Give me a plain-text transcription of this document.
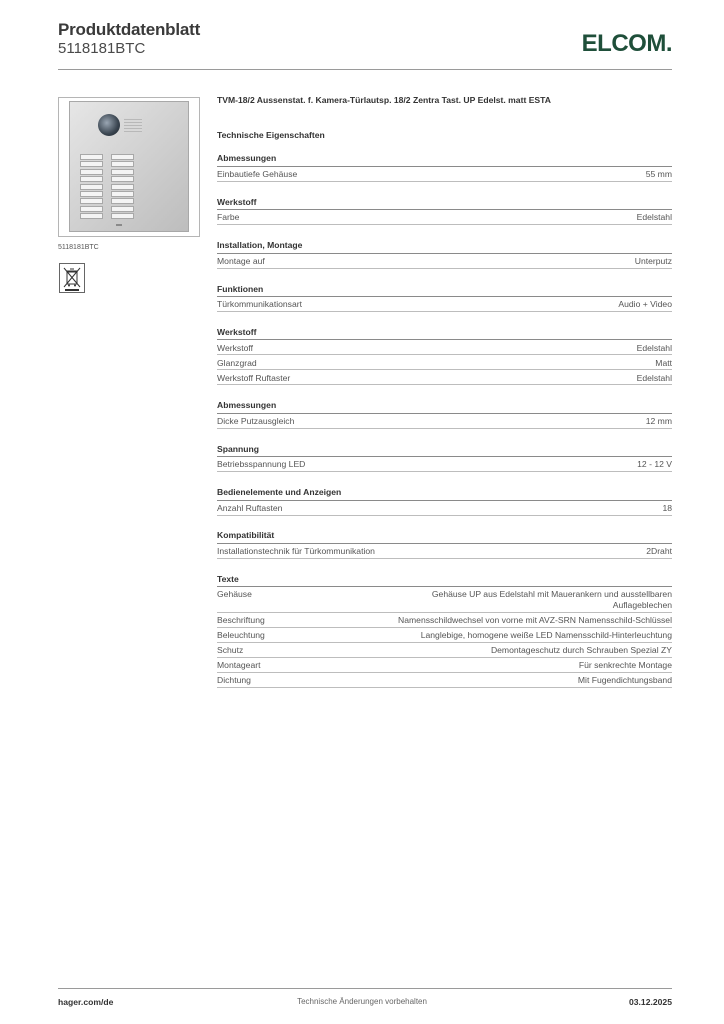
Produktdatenblatt
5118181BTC	ELCOM.
5118181BTC
TVM-18/2 Aussenstat. f. Kamera-Türlautsp. 18/2 Zentra Tast. UP Edelst. matt ESTA
Technische Eigenschaften
Abmessungen
Einbautiefe Gehäuse	55 mm
Werkstoff
Farbe	Edelstahl
Installation, Montage
Montage auf	Unterputz
Funktionen
Türkommunikationsart	Audio + Video
Werkstoff
Werkstoff	Edelstahl
Glanzgrad	Matt
Werkstoff Ruftaster	Edelstahl
Abmessungen
Dicke Putzausgleich	12 mm
Spannung
Betriebsspannung LED	12 - 12 V
Bedienelemente und Anzeigen
Anzahl Ruftasten	18
Kompatibilität
Installationstechnik für Türkommunikation	2Draht
Texte
Gehäuse	Gehäuse UP aus Edelstahl mit Mauerankern und ausstellbaren Auflageblechen
Beschriftung	Namensschildwechsel von vorne mit AVZ-SRN Namensschild-Schlüssel
Beleuchtung	Langlebige, homogene weiße LED Namensschild-Hinterleuchtung
Schutz	Demontageschutz durch Schrauben Spezial ZY
Montageart	Für senkrechte Montage
Dichtung	Mit Fugendichtungsband
hager.com/de	Technische Änderungen vorbehalten	03.12.2025
